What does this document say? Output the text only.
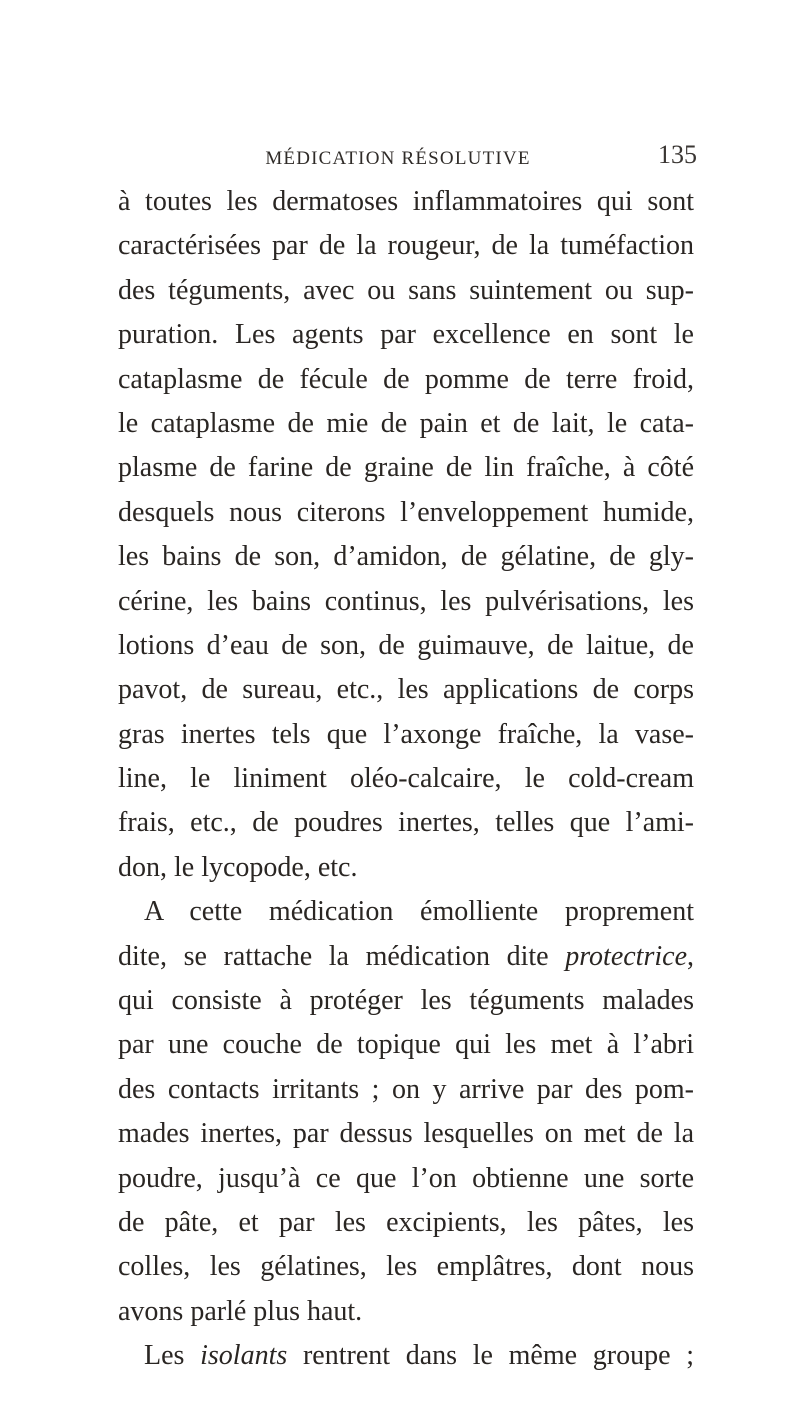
MÉDICATION RÉSOLUTIVE	135
à toutes les dermatoses inflammatoires qui sont
caractérisées par de la rougeur, de la tuméfaction
des téguments, avec ou sans suintement ou sup-
puration. Les agents par excellence en sont le
cataplasme de fécule de pomme de terre froid,
le cataplasme de mie de pain et de lait, le cata-
plasme de farine de graine de lin fraîche, à côté
desquels nous citerons l’enveloppement humide,
les bains de son, d’amidon, de gélatine, de gly-
cérine, les bains continus, les pulvérisations, les
lotions d’eau de son, de guimauve, de laitue, de
pavot, de sureau, etc., les applications de corps
gras inertes tels que l’axonge fraîche, la vase-
line, le liniment oléo-calcaire, le cold-cream
frais, etc., de poudres inertes, telles que l’ami-
don, le lycopode, etc.
A cette médication émolliente proprement
dite, se rattache la médication dite protectrice,
qui consiste à protéger les téguments malades
par une couche de topique qui les met à l’abri
des contacts irritants ; on y arrive par des pom-
mades inertes, par dessus lesquelles on met de la
poudre, jusqu’à ce que l’on obtienne une sorte
de pâte, et par les excipients, les pâtes, les
colles, les gélatines, les emplâtres, dont nous
avons parlé plus haut.
Les isolants rentrent dans le même groupe ;
